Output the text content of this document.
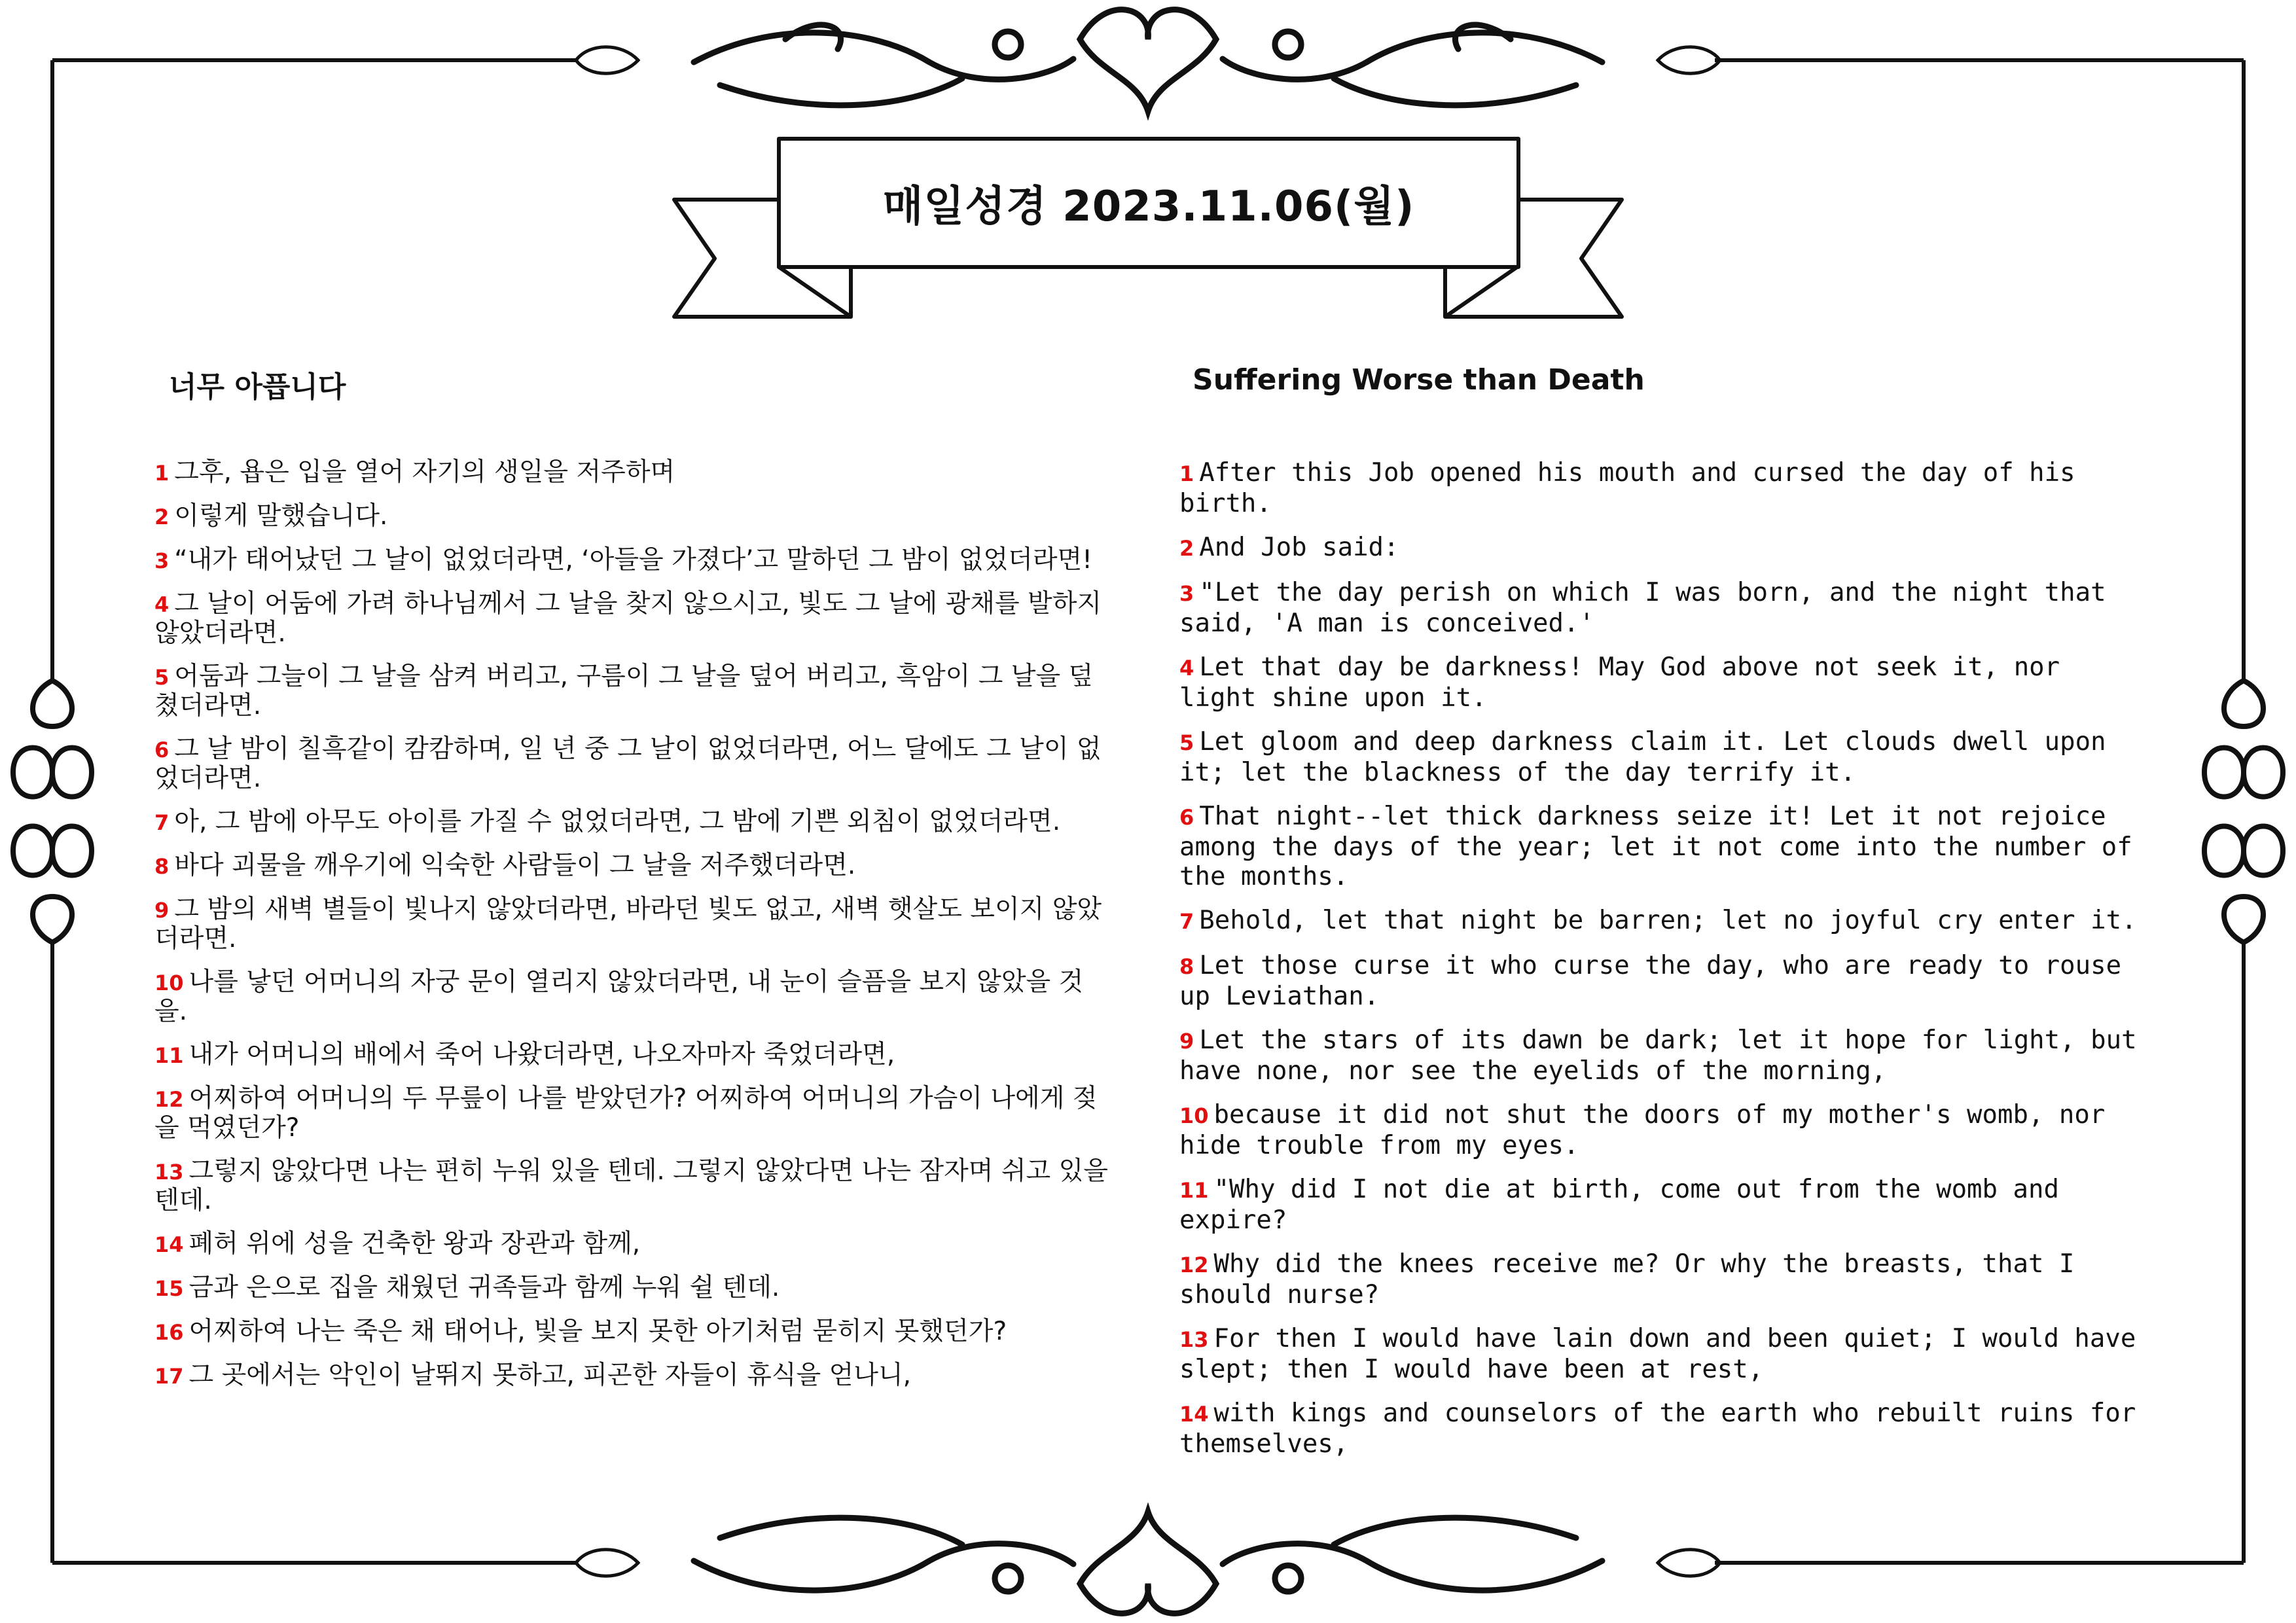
매일성경 2023.11.06(월)
너무 아픕니다	Suffering Worse than Death
1 그후, 욥은 입을 열어 자기의 생일을 저주하며
2 이렇게 말했습니다.
3 “내가 태어났던 그 날이 없었더라면, ‘아들을 가졌다’고 말하던 그 밤이 없었더라면!
4 그 날이 어둠에 가려 하나님께서 그 날을 찾지 않으시고, 빛도 그 날에 광채를 발하지 않았더라면.
5 어둠과 그늘이 그 날을 삼켜 버리고, 구름이 그 날을 덮어 버리고, 흑암이 그 날을 덮쳤더라면.
6 그 날 밤이 칠흑같이 캄캄하며, 일 년 중 그 날이 없었더라면, 어느 달에도 그 날이 없었더라면.
7 아, 그 밤에 아무도 아이를 가질 수 없었더라면, 그 밤에 기쁜 외침이 없었더라면.
8 바다 괴물을 깨우기에 익숙한 사람들이 그 날을 저주했더라면.
9 그 밤의 새벽 별들이 빛나지 않았더라면, 바라던 빛도 없고, 새벽 햇살도 보이지 않았더라면.
10 나를 낳던 어머니의 자궁 문이 열리지 않았더라면, 내 눈이 슬픔을 보지 않았을 것을.
11 내가 어머니의 배에서 죽어 나왔더라면, 나오자마자 죽었더라면,
12 어찌하여 어머니의 두 무릎이 나를 받았던가? 어찌하여 어머니의 가슴이 나에게 젖을 먹였던가?
13 그렇지 않았다면 나는 편히 누워 있을 텐데. 그렇지 않았다면 나는 잠자며 쉬고 있을 텐데.
14 폐허 위에 성을 건축한 왕과 장관과 함께,
15 금과 은으로 집을 채웠던 귀족들과 함께 누워 쉴 텐데.
16 어찌하여 나는 죽은 채 태어나, 빛을 보지 못한 아기처럼 묻히지 못했던가?
17 그 곳에서는 악인이 날뛰지 못하고, 피곤한 자들이 휴식을 얻나니,
1 After this Job opened his mouth and cursed the day of his birth.
2 And Job said:
3 "Let the day perish on which I was born, and the night that said, 'A man is conceived.'
4 Let that day be darkness! May God above not seek it, nor light shine upon it.
5 Let gloom and deep darkness claim it. Let clouds dwell upon it; let the blackness of the day terrify it.
6 That night--let thick darkness seize it! Let it not rejoice among the days of the year; let it not come into the number of the months.
7 Behold, let that night be barren; let no joyful cry enter it.
8 Let those curse it who curse the day, who are ready to rouse up Leviathan.
9 Let the stars of its dawn be dark; let it hope for light, but have none, nor see the eyelids of the morning,
10 because it did not shut the doors of my mother's womb, nor hide trouble from my eyes.
11 "Why did I not die at birth, come out from the womb and expire?
12 Why did the knees receive me? Or why the breasts, that I should nurse?
13 For then I would have lain down and been quiet; I would have slept; then I would have been at rest,
14 with kings and counselors of the earth who rebuilt ruins for themselves,
